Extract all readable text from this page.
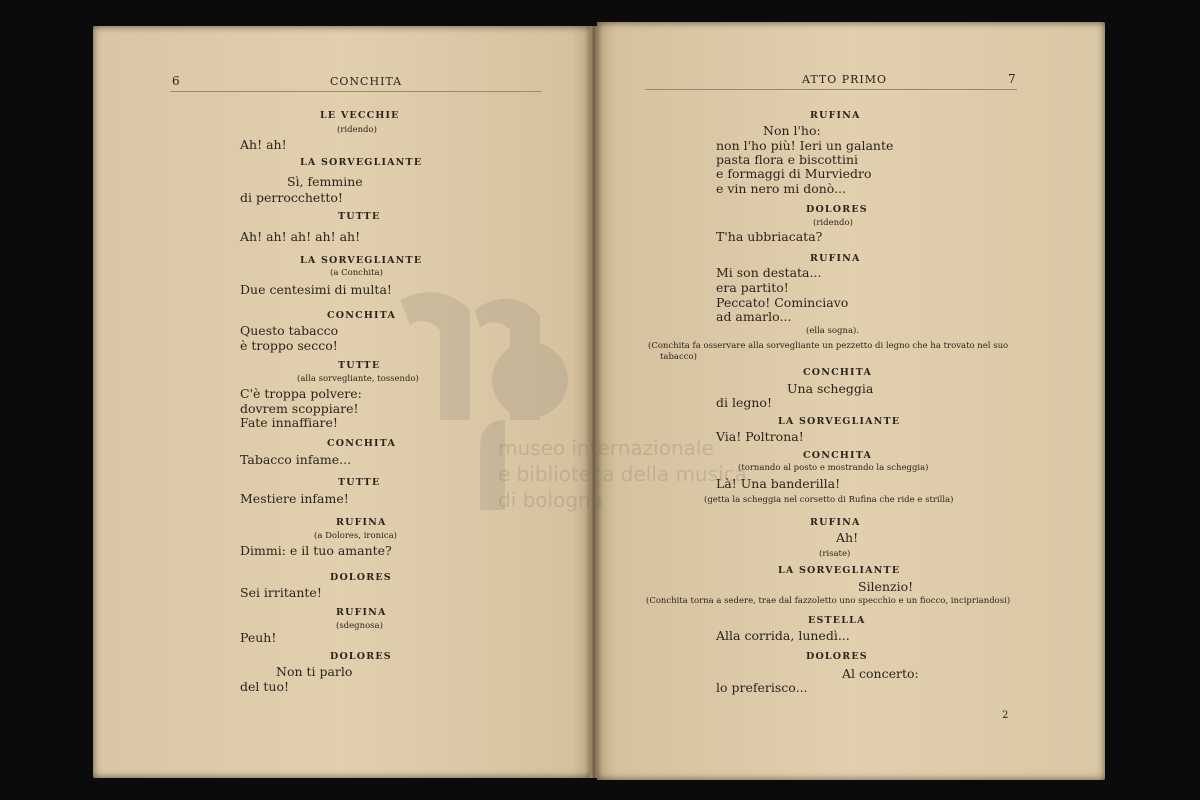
6	CONCHITA	ATTO PRIMO	7
museo internazionale
e biblioteca della musica
di bologna
LE VECCHIE
(ridendo)
Ah! ah!
LA SORVEGLIANTE
Sì, femmine
di perrocchetto!
TUTTE
Ah! ah! ah! ah! ah!
LA SORVEGLIANTE
(a Conchita)
Due centesimi di multa!
CONCHITA
Questo tabacco
è troppo secco!
TUTTE
(alla sorvegliante, tossendo)
C'è troppa polvere:
dovrem scoppiare!
Fate innaffiare!
CONCHITA
Tabacco infame...
TUTTE
Mestiere infame!
RUFINA
(a Dolores, ironica)
Dimmi: e il tuo amante?
DOLORES
Sei irritante!
RUFINA
(sdegnosa)
Peuh!
DOLORES
Non ti parlo
del tuo!
RUFINA
Non l'ho:
non l'ho più! Ieri un galante
pasta flora e biscottini
e formaggi di Murviedro
e vin nero mi donò...
DOLORES
(ridendo)
T'ha ubbriacata?
RUFINA
Mi son destata...
era partito!
Peccato! Cominciavo
ad amarlo...
(ella sogna).
(Conchita fa osservare alla sorvegliante un pezzetto di legno che ha trovato nel suo
tabacco)
CONCHITA
Una scheggia
di legno!
LA SORVEGLIANTE
Via! Poltrona!
CONCHITA
(tornando al posto e mostrando la scheggia)
Là! Una banderilla!
(getta la scheggia nel corsetto di Rufina che ride e strilla)
RUFINA
Ah!
(risate)
LA SORVEGLIANTE
Silenzio!
(Conchita torna a sedere, trae dal fazzoletto uno specchio e un fiocco, incipriandosi)
ESTELLA
Alla corrida, lunedì...
DOLORES
Al concerto:
lo preferisco...
2
